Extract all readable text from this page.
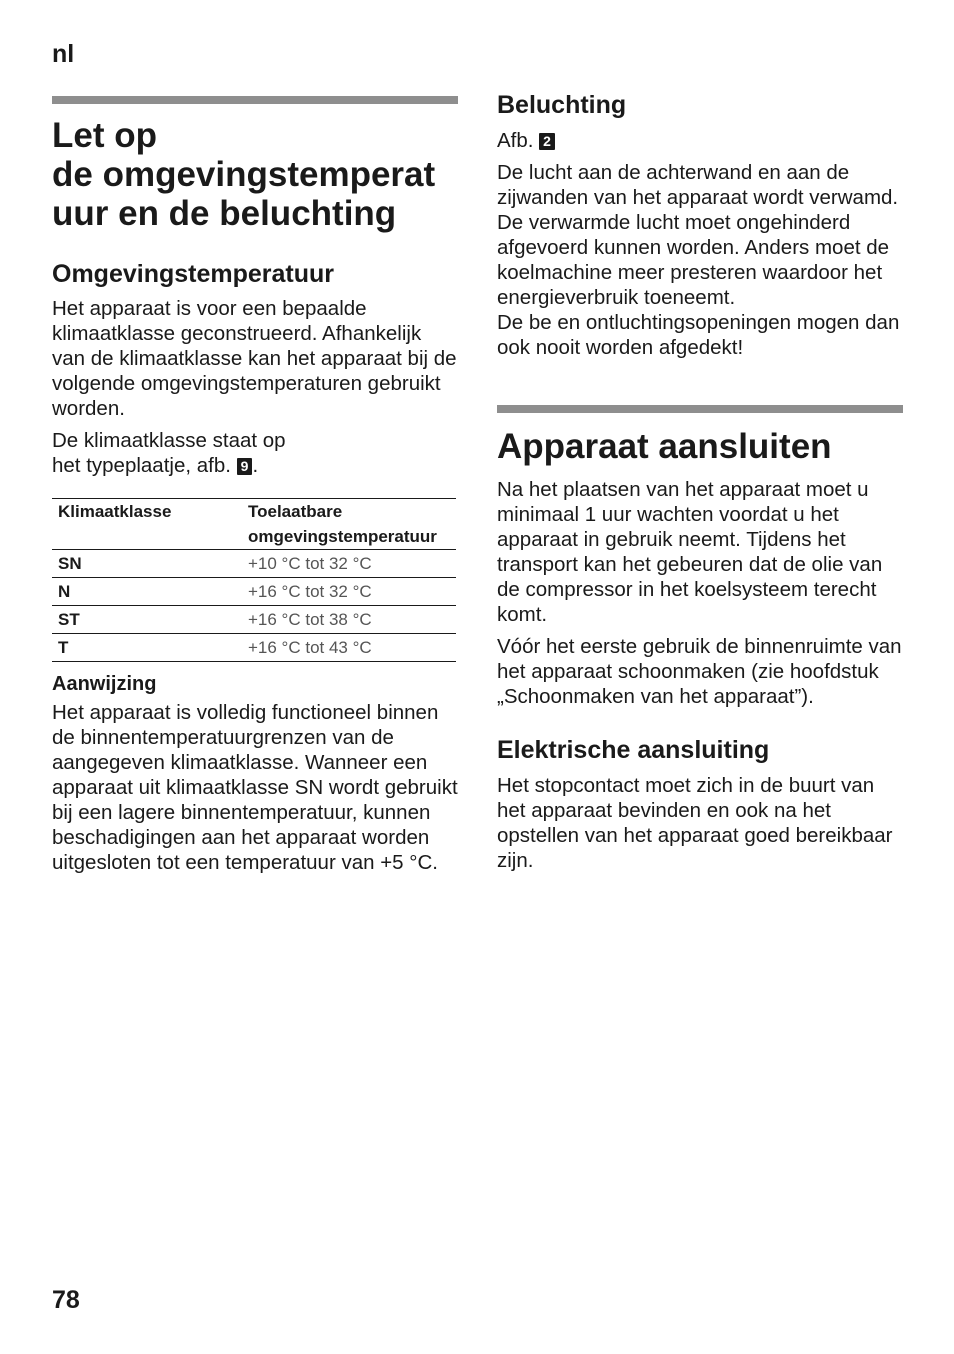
nl
Let op
de omgevingstemperat
uur en de beluchting
Omgevingstemperatuur

Het apparaat is voor een bepaalde klimaatklasse geconstrueerd. Afhankelijk van de klimaatklasse kan het apparaat bij de volgende omgevingstemperaturen gebruikt worden.

De klimaatklasse staat op
het typeplaatje, afb. 9 .

Klimaatklasse	Toelaatbare omgevingstemperatuur
SN	+10 °C tot 32 °C
N	+16 °C tot 32 °C
ST	+16 °C tot 38 °C
T	+16 °C tot 43 °C
Aanwijzing

Het apparaat is volledig functioneel binnen de binnentemperatuurgrenzen van de aangegeven klimaatklasse. Wanneer een apparaat uit klimaatklasse SN wordt gebruikt bij een lagere binnentemperatuur, kunnen beschadigingen aan het apparaat worden uitgesloten tot een temperatuur van +5 °C.

Beluchting

Afb. 2

De lucht aan de achterwand en aan de zijwanden van het apparaat wordt verwamd. De verwarmde lucht moet ongehinderd afgevoerd kunnen worden. Anders moet de koelmachine meer presteren waardoor het energieverbruik toeneemt.

De be en ontluchtingsopeningen mogen dan ook nooit worden afgedekt!

Apparaat aansluiten

Na het plaatsen van het apparaat moet u minimaal 1 uur wachten voordat u het apparaat in gebruik neemt. Tijdens het transport kan het gebeuren dat de olie van de compressor in het koelsysteem terecht komt.

Vóór het eerste gebruik de binnenruimte van het apparaat schoonmaken (zie hoofdstuk „Schoonmaken van het apparaat”).

Elektrische aansluiting

Het stopcontact moet zich in de buurt van het apparaat bevinden en ook na het opstellen van het apparaat goed bereikbaar zijn.

78
